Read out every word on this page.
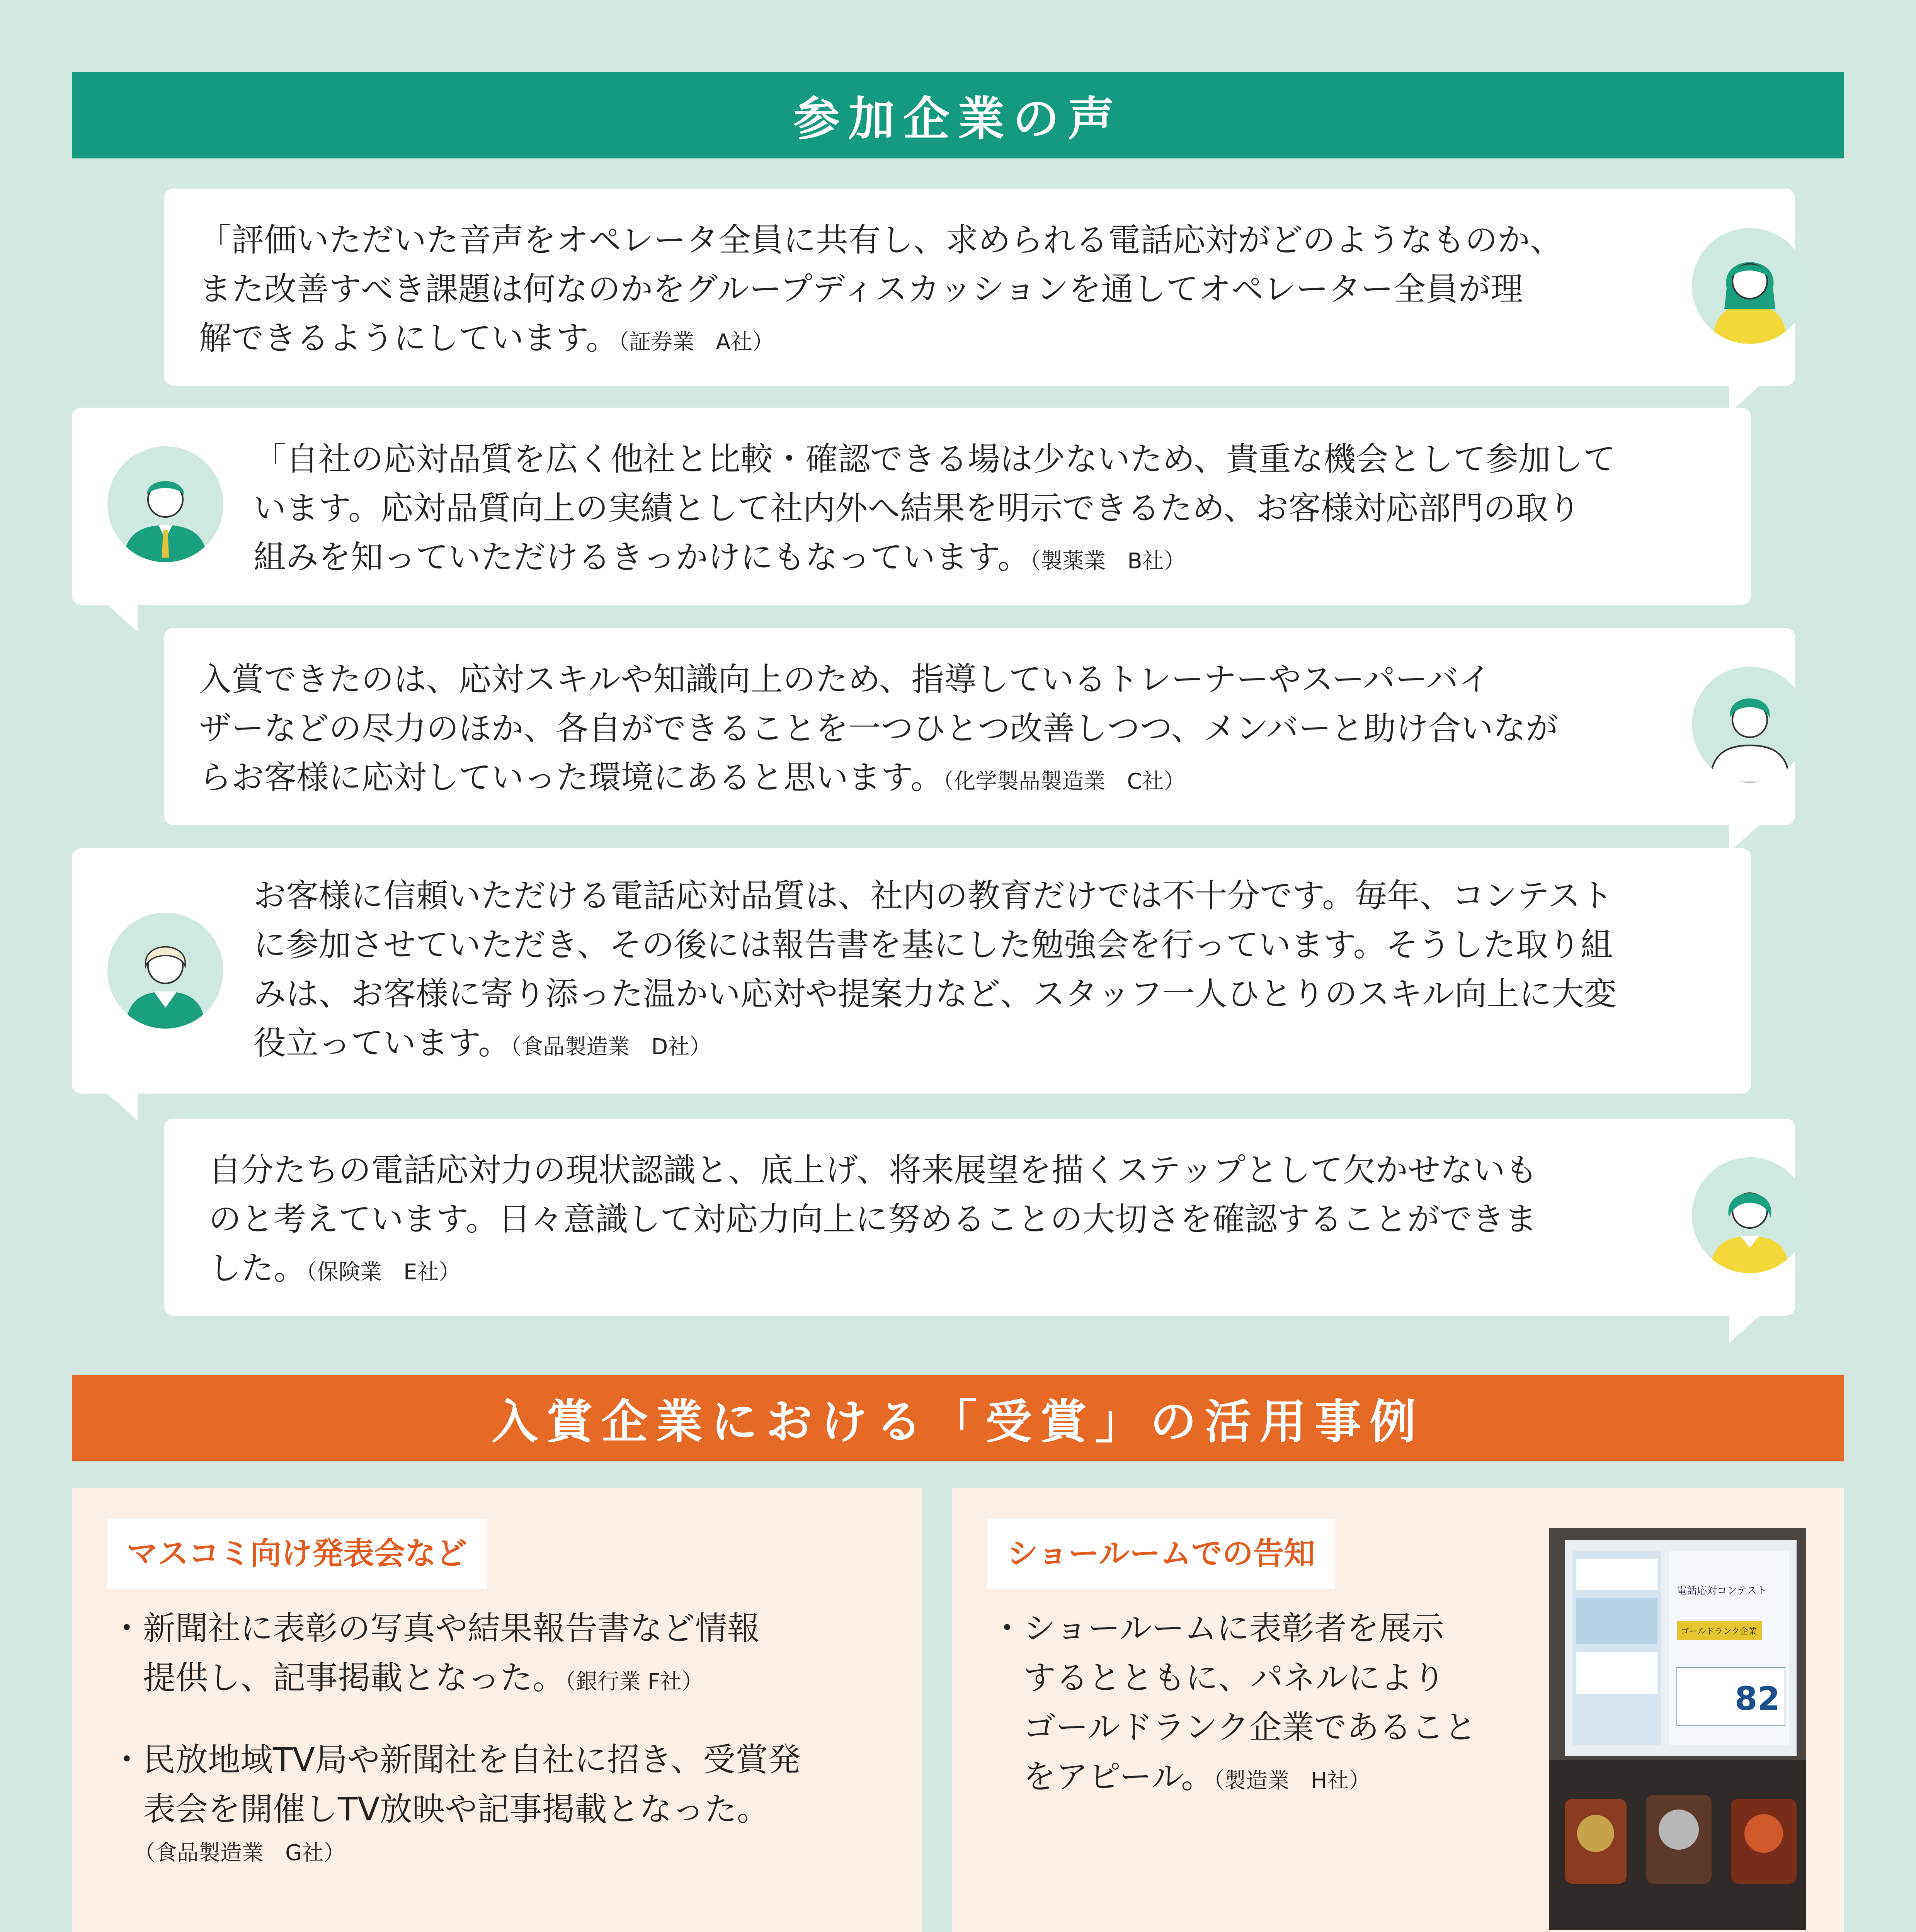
参加企業の声
「評価いただいた音声をオペレータ全員に共有し、求められる電話応対がどのようなものか、
また改善すべき課題は何なのかをグループディスカッションを通してオペレーター全員が理
解できるようにしています。（証券業　A社）
「自社の応対品質を広く他社と比較・確認できる場は少ないため、貴重な機会として参加して
います。応対品質向上の実績として社内外へ結果を明示できるため、お客様対応部門の取り
組みを知っていただけるきっかけにもなっています。（製薬業　B社）
入賞できたのは、応対スキルや知識向上のため、指導しているトレーナーやスーパーバイ
ザーなどの尽力のほか、各自ができることを一つひとつ改善しつつ、メンバーと助け合いなが
らお客様に応対していった環境にあると思います。（化学製品製造業　C社）
お客様に信頼いただける電話応対品質は、社内の教育だけでは不十分です。毎年、コンテスト
に参加させていただき、その後には報告書を基にした勉強会を行っています。そうした取り組
みは、お客様に寄り添った温かい応対や提案力など、スタッフ一人ひとりのスキル向上に大変
役立っています。（食品製造業　D社）
自分たちの電話応対力の現状認識と、底上げ、将来展望を描くステップとして欠かせないも
のと考えています。日々意識して対応力向上に努めることの大切さを確認することができま
した。（保険業　E社）
入賞企業における「受賞」の活用事例
マスコミ向け発表会など
・新聞社に表彰の写真や結果報告書など情報
　提供し、記事掲載となった。（銀行業 F社）
・民放地域TV局や新聞社を自社に招き、受賞発
　表会を開催しTV放映や記事掲載となった。
（食品製造業　G社）
ショールームでの告知
・ショールームに表彰者を展示
　するとともに、パネルにより
　ゴールドランク企業であること
　をアピール。（製造業　H社）
電話応対コンテスト
ゴールドランク企業
82
